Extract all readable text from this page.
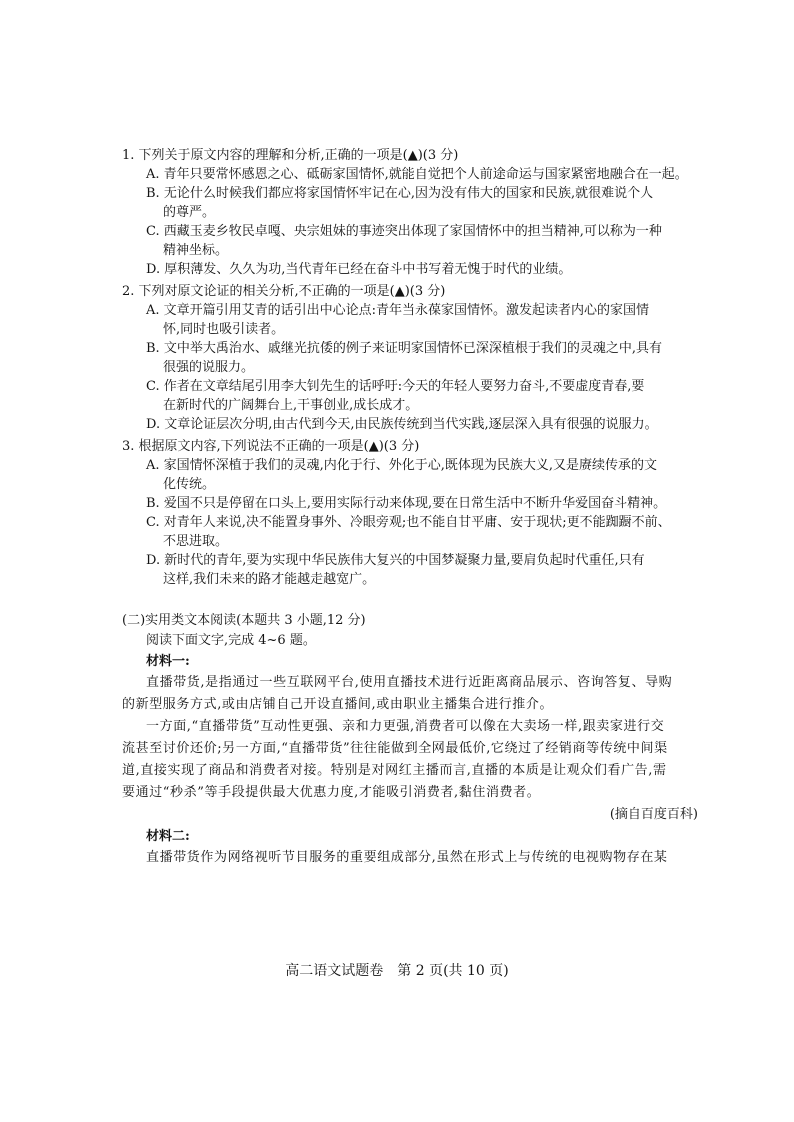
1. 下列关于原文内容的理解和分析,正确的一项是(▲)(3 分)
A. 青年只要常怀感恩之心、砥砺家国情怀,就能自觉把个人前途命运与国家紧密地融合在一起。
B. 无论什么时候我们都应将家国情怀牢记在心,因为没有伟大的国家和民族,就很难说个人
的尊严。
C. 西藏玉麦乡牧民卓嘎、央宗姐妹的事迹突出体现了家国情怀中的担当精神,可以称为一种
精神坐标。
D. 厚积薄发、久久为功,当代青年已经在奋斗中书写着无愧于时代的业绩。
2. 下列对原文论证的相关分析,不正确的一项是(▲)(3 分)
A. 文章开篇引用艾青的话引出中心论点:青年当永葆家国情怀。激发起读者内心的家国情
怀,同时也吸引读者。
B. 文中举大禹治水、戚继光抗倭的例子来证明家国情怀已深深植根于我们的灵魂之中,具有
很强的说服力。
C. 作者在文章结尾引用李大钊先生的话呼吁:今天的年轻人要努力奋斗,不要虚度青春,要
在新时代的广阔舞台上,干事创业,成长成才。
D. 文章论证层次分明,由古代到今天,由民族传统到当代实践,逐层深入具有很强的说服力。
3. 根据原文内容,下列说法不正确的一项是(▲)(3 分)
A. 家国情怀深植于我们的灵魂,内化于行、外化于心,既体现为民族大义,又是赓续传承的文
化传统。
B. 爱国不只是停留在口头上,要用实际行动来体现,要在日常生活中不断升华爱国奋斗精神。
C. 对青年人来说,决不能置身事外、冷眼旁观;也不能自甘平庸、安于现状;更不能踟蹰不前、
不思进取。
D. 新时代的青年,要为实现中华民族伟大复兴的中国梦凝聚力量,要肩负起时代重任,只有
这样,我们未来的路才能越走越宽广。
(二)实用类文本阅读(本题共 3 小题,12 分)
阅读下面文字,完成 4~6 题。
材料一:
直播带货,是指通过一些互联网平台,使用直播技术进行近距离商品展示、咨询答复、导购
的新型服务方式,或由店铺自己开设直播间,或由职业主播集合进行推介。
一方面,“直播带货”互动性更强、亲和力更强,消费者可以像在大卖场一样,跟卖家进行交
流甚至讨价还价;另一方面,“直播带货”往往能做到全网最低价,它绕过了经销商等传统中间渠
道,直接实现了商品和消费者对接。特别是对网红主播而言,直播的本质是让观众们看广告,需
要通过“秒杀”等手段提供最大优惠力度,才能吸引消费者,黏住消费者。
(摘自百度百科)
材料二:
直播带货作为网络视听节目服务的重要组成部分,虽然在形式上与传统的电视购物存在某
高二语文试题卷　第 2 页(共 10 页)
